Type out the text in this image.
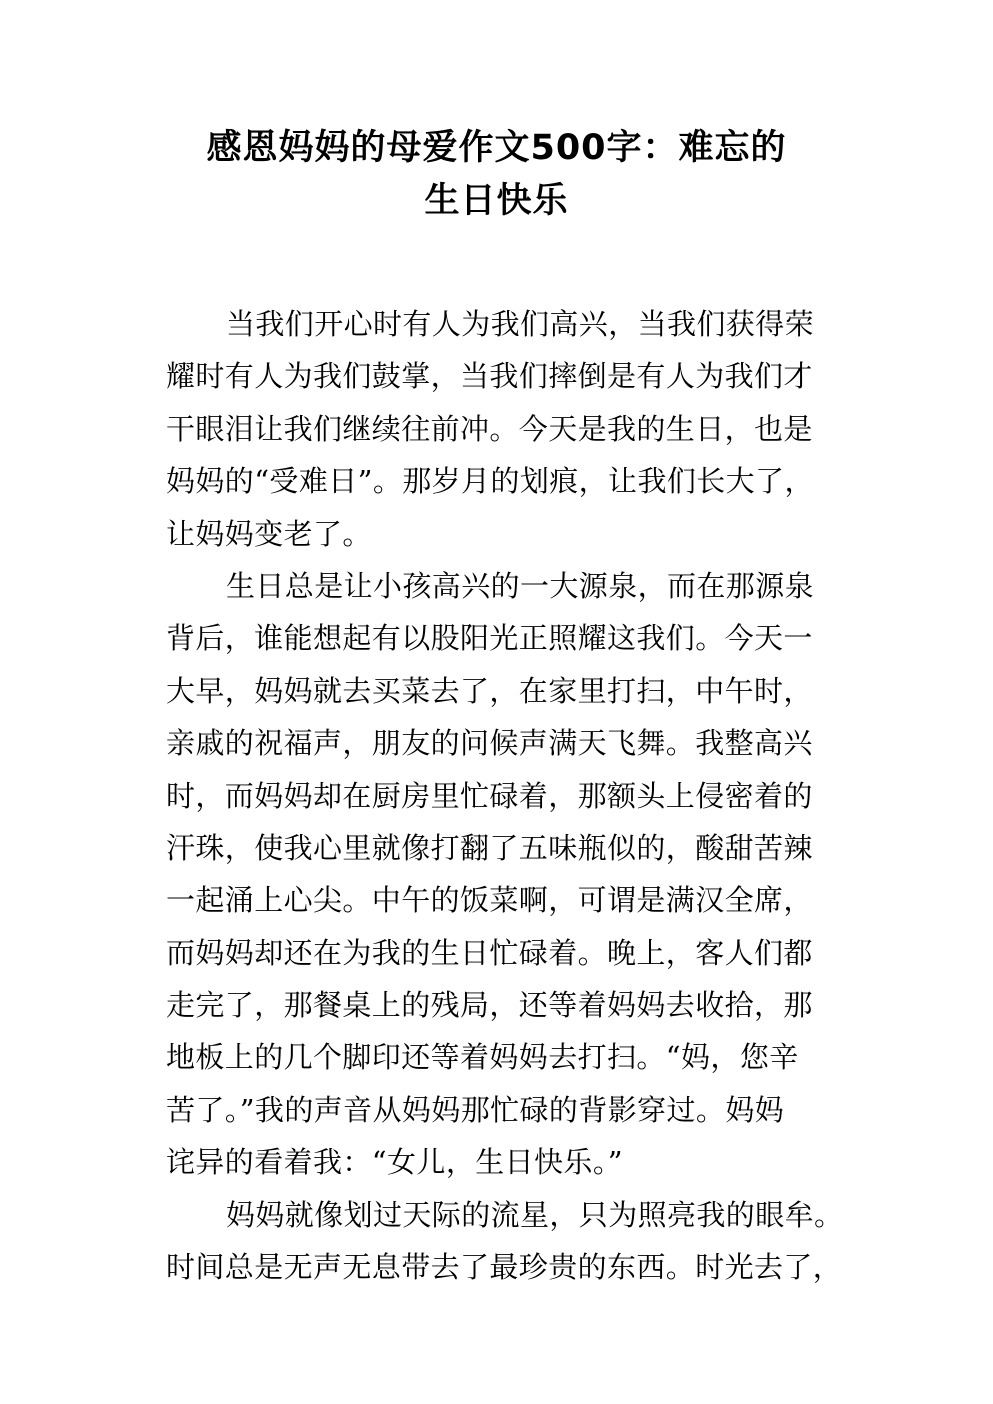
感恩妈妈的母爱作文500字：难忘的
生日快乐
当我们开心时有人为我们高兴，当我们获得荣
耀时有人为我们鼓掌，当我们摔倒是有人为我们才
干眼泪让我们继续往前冲。今天是我的生日，也是
妈妈的“受难日”。那岁月的划痕，让我们长大了，
让妈妈变老了。
生日总是让小孩高兴的一大源泉，而在那源泉
背后，谁能想起有以股阳光正照耀这我们。今天一
大早，妈妈就去买菜去了，在家里打扫，中午时，
亲戚的祝福声，朋友的问候声满天飞舞。我整高兴
时，而妈妈却在厨房里忙碌着，那额头上侵密着的
汗珠，使我心里就像打翻了五味瓶似的，酸甜苦辣
一起涌上心尖。中午的饭菜啊，可谓是满汉全席，
而妈妈却还在为我的生日忙碌着。晚上，客人们都
走完了，那餐桌上的残局，还等着妈妈去收拾，那
地板上的几个脚印还等着妈妈去打扫。“妈，您辛
苦了。”我的声音从妈妈那忙碌的背影穿过。妈妈
诧异的看着我：“女儿，生日快乐。”
妈妈就像划过天际的流星，只为照亮我的眼牟。
时间总是无声无息带去了最珍贵的东西。时光去了，
